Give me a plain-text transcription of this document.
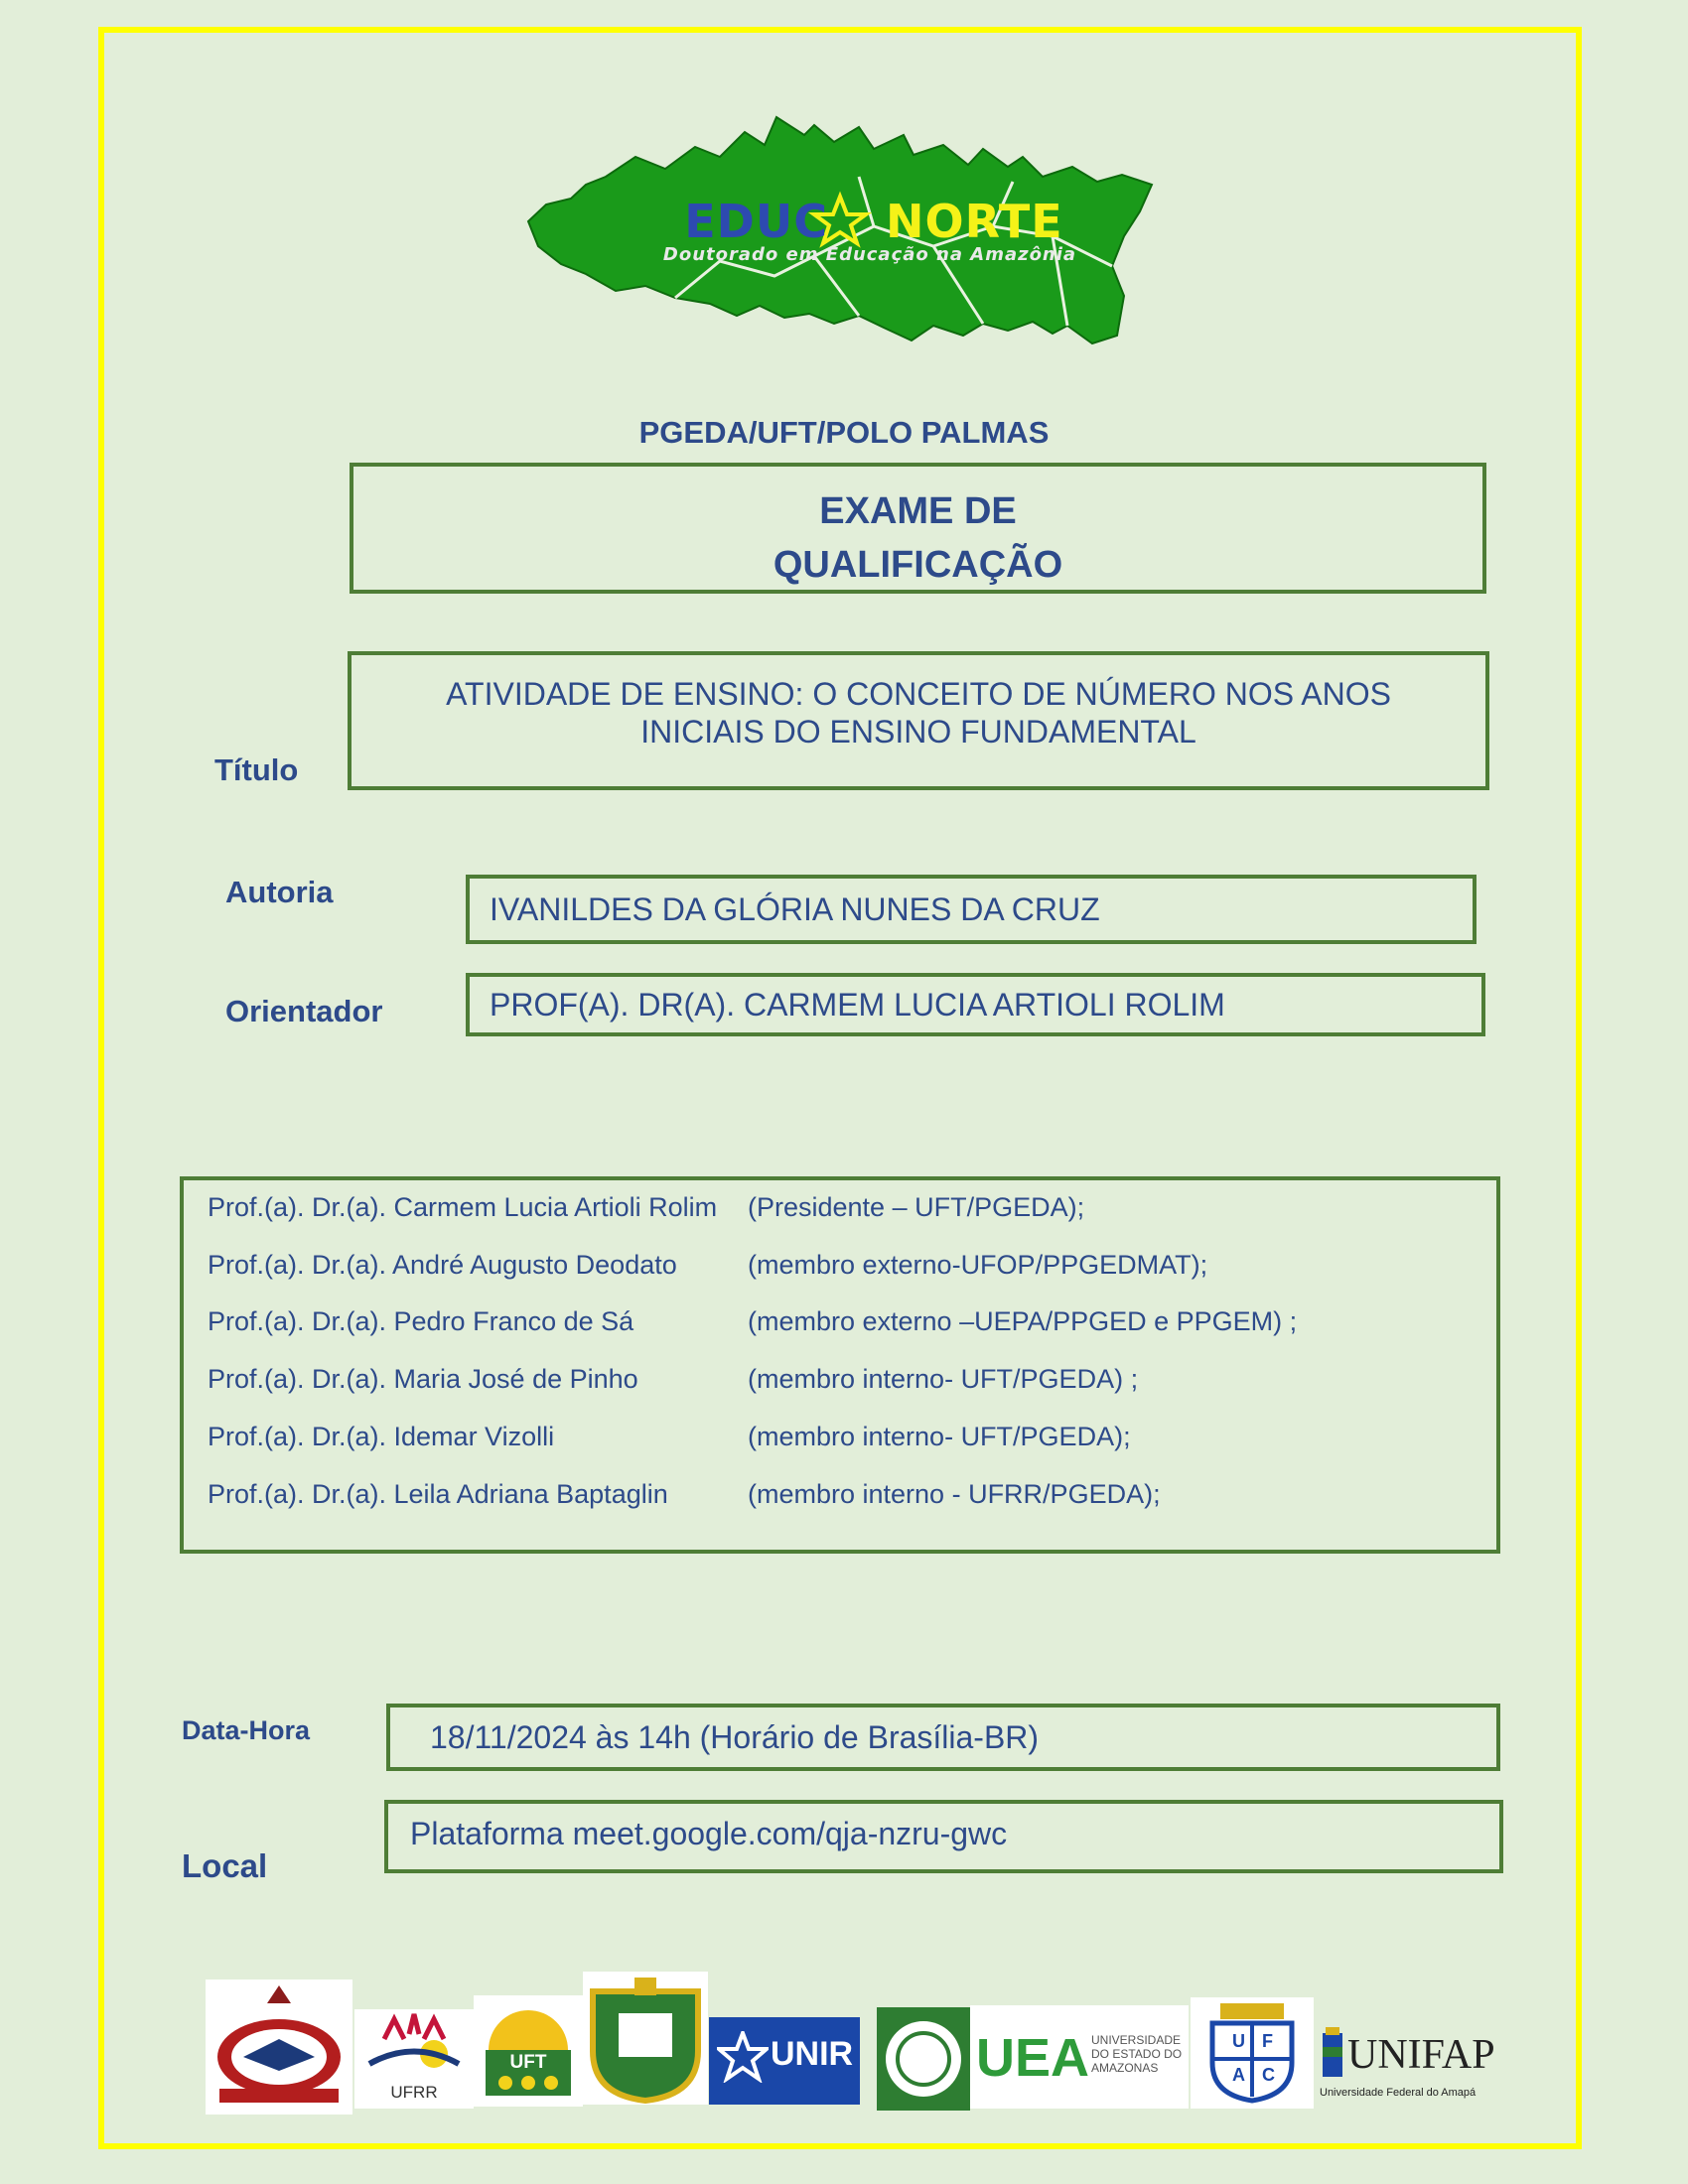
EDUC NORTE
Doutorado em Educação na Amazônia
PGEDA/UFT/POLO PALMAS
EXAME DE
QUALIFICAÇÃO
Título
ATIVIDADE DE ENSINO: O CONCEITO DE NÚMERO NOS ANOS
INICIAIS DO ENSINO FUNDAMENTAL
Autoria	IVANILDES DA GLÓRIA NUNES DA CRUZ
Orientador	PROF(A). DR(A). CARMEM LUCIA ARTIOLI ROLIM
Prof.(a). Dr.(a). Carmem Lucia Artioli Rolim (Presidente – UFT/PGEDA);
Prof.(a). Dr.(a). André Augusto Deodato	(membro externo-UFOP/PPGEDMAT);
Prof.(a). Dr.(a). Pedro Franco de Sá	(membro externo –UEPA/PPGED e PPGEM) ;
Prof.(a). Dr.(a). Maria José de Pinho	(membro interno- UFT/PGEDA) ;
Prof.(a). Dr.(a). Idemar Vizolli	(membro interno- UFT/PGEDA);
Prof.(a). Dr.(a). Leila Adriana Baptaglin	(membro interno - UFRR/PGEDA);
Data-Hora	18/11/2024 às 14h (Horário de Brasília-BR)
Local
Plataforma meet.google.com/qja-nzru-gwc
UFRR
UFT	UNIR UEA UNIVERSIDADE
DO ESTADO DO
AMAZONAS
U F
A C UNIFAP
Universidade Federal do Amapá
